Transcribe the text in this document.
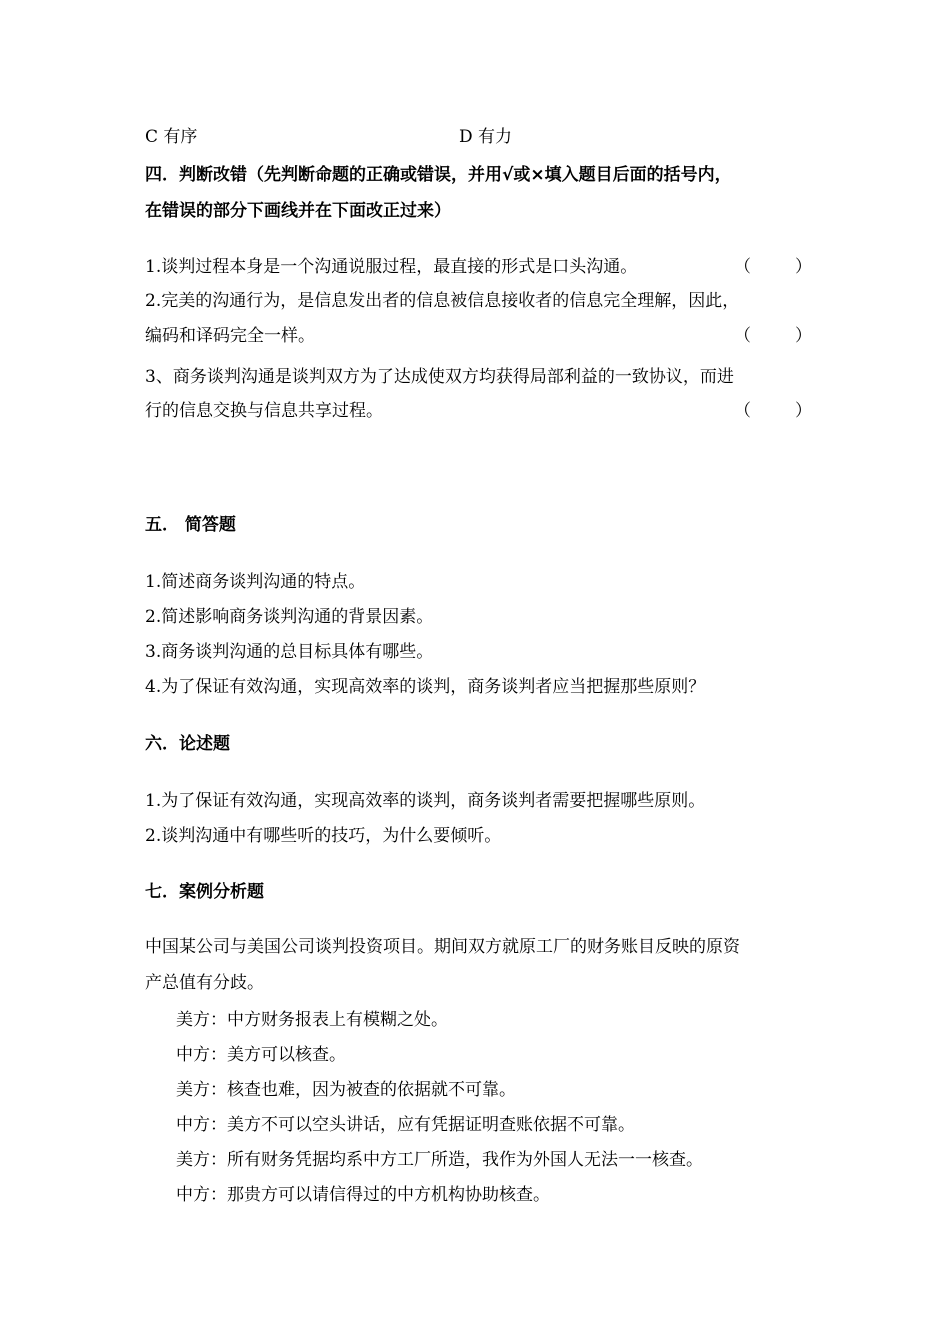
C 有序	D 有力
四．判断改错（先判断命题的正确或错误，并用√或×填入题目后面的括号内，
在错误的部分下画线并在下面改正过来）
1.谈判过程本身是一个沟通说服过程，最直接的形式是口头沟通。	（	）
2.完美的沟通行为，是信息发出者的信息被信息接收者的信息完全理解，因此，
编码和译码完全一样。	（	）
3、商务谈判沟通是谈判双方为了达成使双方均获得局部利益的一致协议，而进
行的信息交换与信息共享过程。	（	）
五． 简答题
1.简述商务谈判沟通的特点。
2.简述影响商务谈判沟通的背景因素。
3.商务谈判沟通的总目标具体有哪些。
4.为了保证有效沟通，实现高效率的谈判，商务谈判者应当把握那些原则？
六．论述题
1.为了保证有效沟通，实现高效率的谈判，商务谈判者需要把握哪些原则。
2.谈判沟通中有哪些听的技巧，为什么要倾听。
七．案例分析题
中国某公司与美国公司谈判投资项目。期间双方就原工厂的财务账目反映的原资
产总值有分歧。
美方：中方财务报表上有模糊之处。
中方：美方可以核查。
美方：核查也难，因为被查的依据就不可靠。
中方：美方不可以空头讲话，应有凭据证明查账依据不可靠。
美方：所有财务凭据均系中方工厂所造，我作为外国人无法一一核查。
中方：那贵方可以请信得过的中方机构协助核查。
